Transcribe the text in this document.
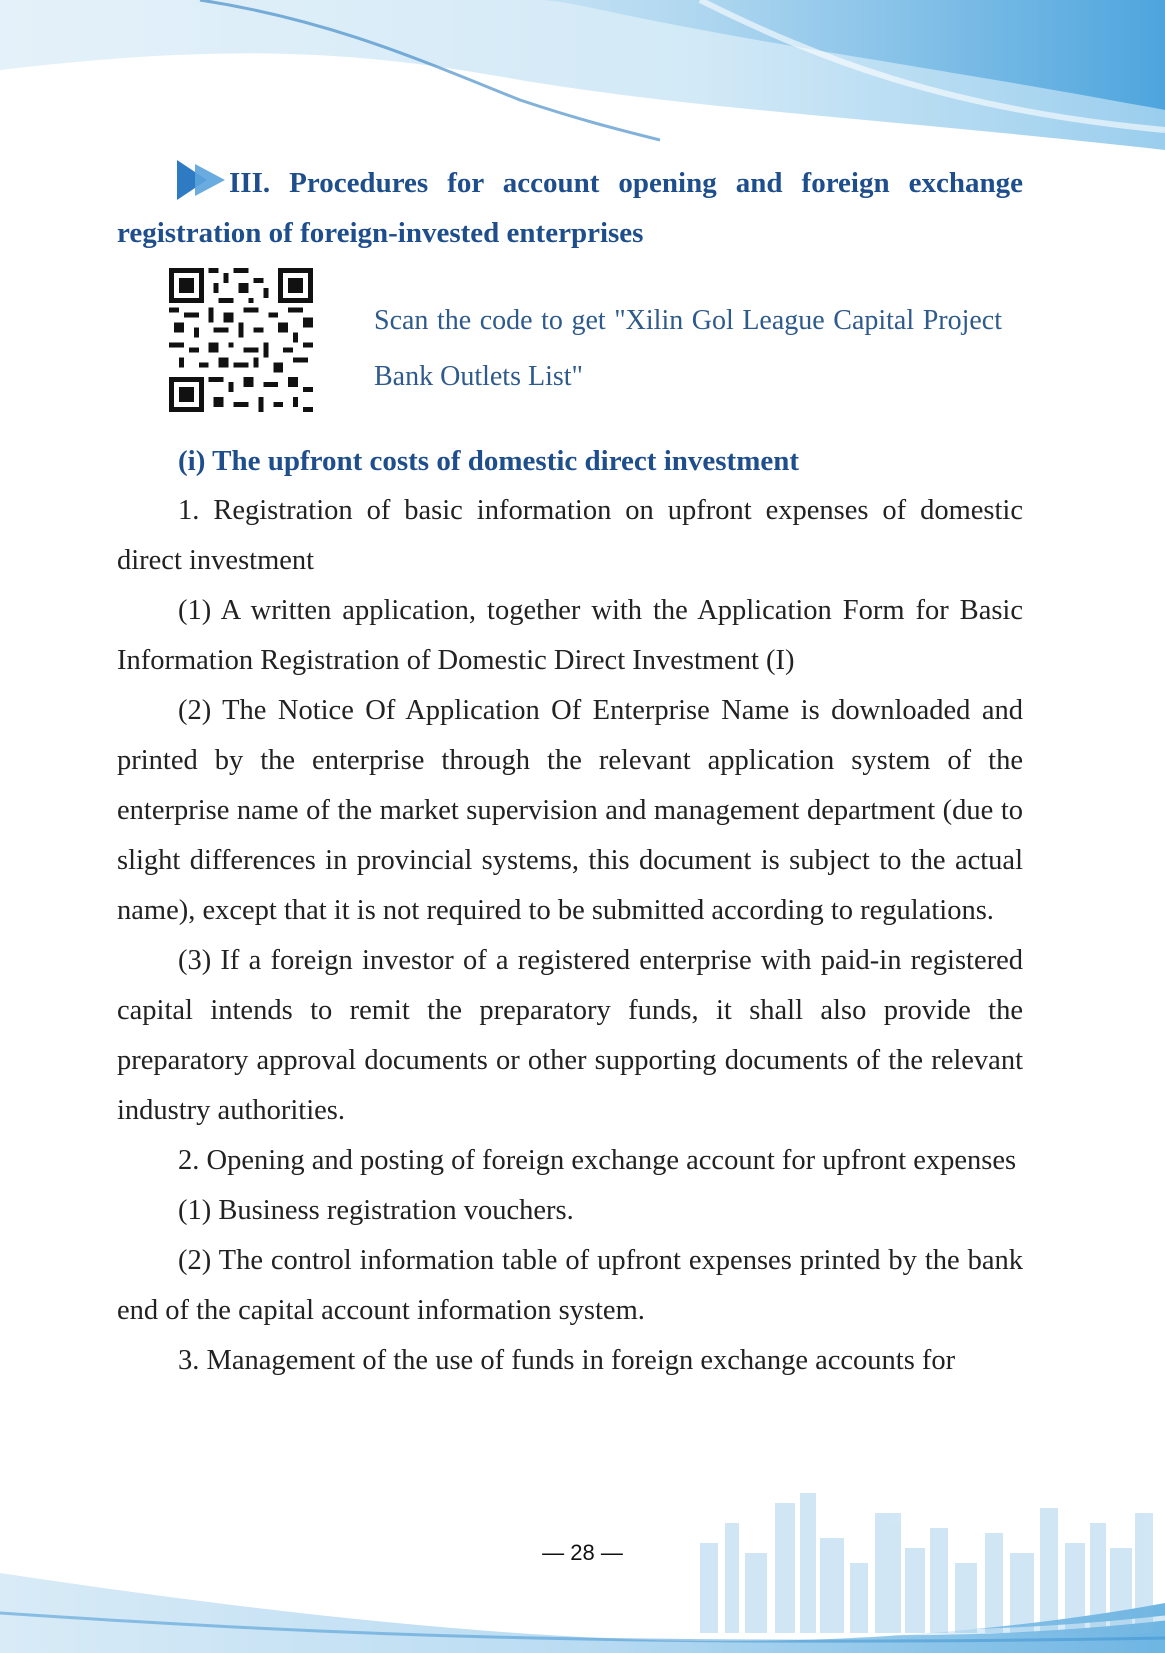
III. Procedures for account opening and foreign exchange registration of foreign-invested enterprises
Scan the code to get "Xilin Gol League Capital Project Bank Outlets List"
(i) The upfront costs of domestic direct investment

1. Registration of basic information on upfront expenses of domestic direct investment

(1) A written application, together with the Application Form for Basic Information Registration of Domestic Direct Investment (I)

(2) The Notice Of Application Of Enterprise Name is downloaded and printed by the enterprise through the relevant application system of the enterprise name of the market supervision and management department (due to slight differences in provincial systems, this document is subject to the actual name), except that it is not required to be submitted according to regulations.

(3) If a foreign investor of a registered enterprise with paid-in registered capital intends to remit the preparatory funds, it shall also provide the preparatory approval documents or other supporting documents of the relevant industry authorities.

2. Opening and posting of foreign exchange account for upfront expenses

(1) Business registration vouchers.

(2) The control information table of upfront expenses printed by the bank end of the capital account information system.

3. Management of the use of funds in foreign exchange accounts for

— 28 —
